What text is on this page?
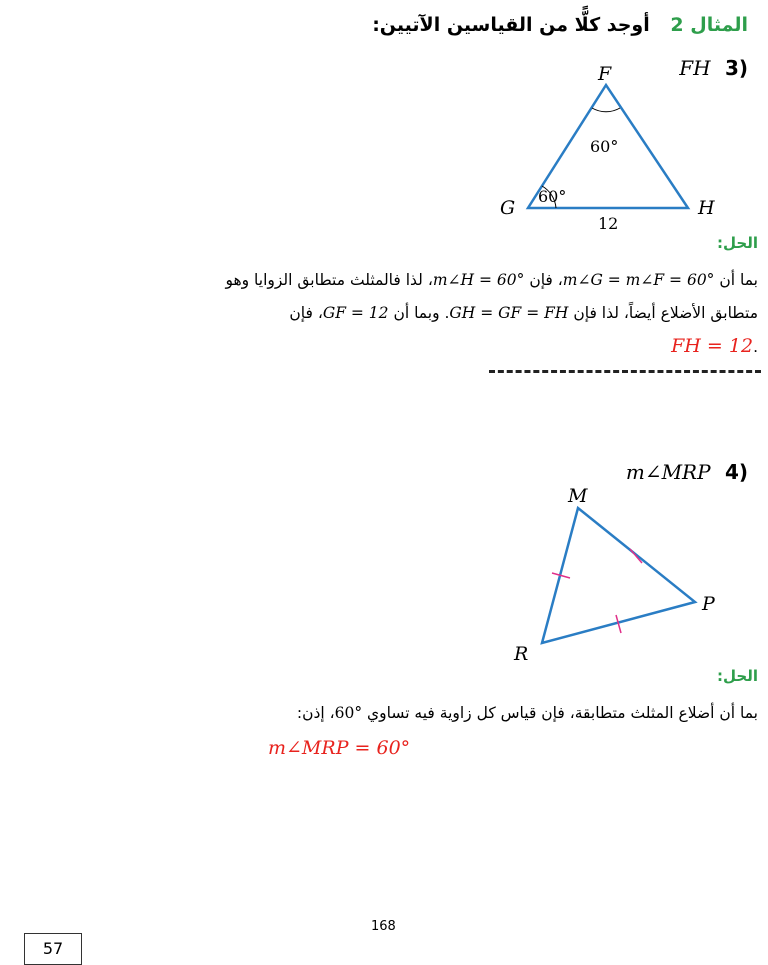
المثال 2 أوجد كلًّا من القياسين الآتيين:
(3 FH
F
G	H
60°
60°
12
الحل:
بما أن m∠G = m∠F = 60°، فإن m∠H = 60°، لذا فالمثلث متطابق الزوايا وهو
متطابق الأضلاع أيضاً، لذا فإن GH = GF = FH. وبما أن GF = 12، فإن
.FH = 12
(4 m∠MRP
M
P
R
الحل:
بما أن أضلاع المثلث متطابقة، فإن قياس كل زاوية فيه تساوي 60°، إذن:
m∠MRP = 60°
168
57
